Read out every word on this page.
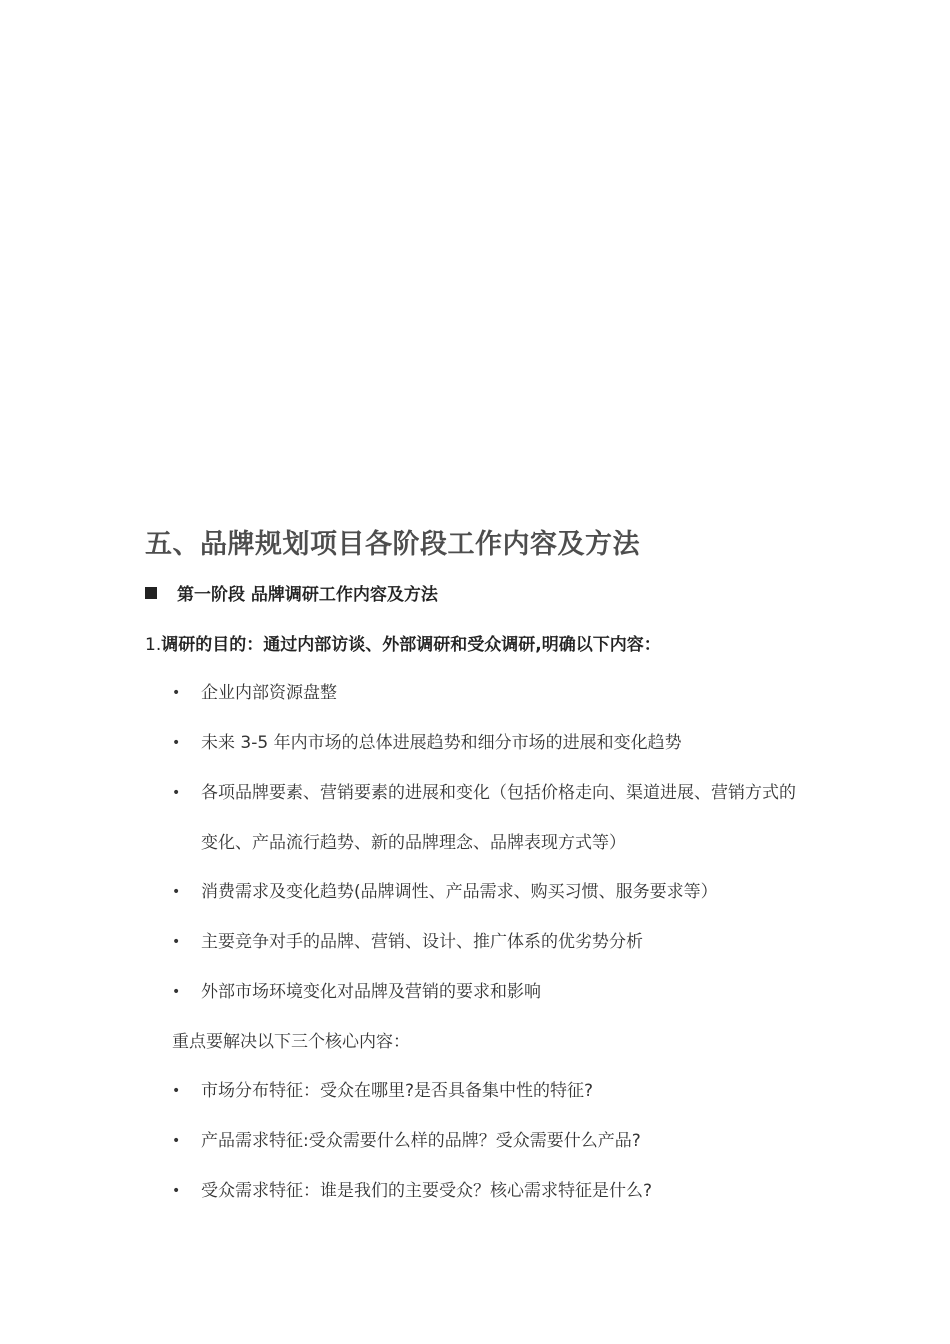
五、品牌规划项目各阶段工作内容及方法
第一阶段 品牌调研工作内容及方法
1.调研的目的：通过内部访谈、外部调研和受众调研,明确以下内容：
• 企业内部资源盘整
• 未来 3-5 年内市场的总体进展趋势和细分市场的进展和变化趋势
• 各项品牌要素、营销要素的进展和变化（包括价格走向、渠道进展、营销方式的变化、产品流行趋势、新的品牌理念、品牌表现方式等）
• 消费需求及变化趋势(品牌调性、产品需求、购买习惯、服务要求等）
• 主要竞争对手的品牌、营销、设计、推广体系的优劣势分析
• 外部市场环境变化对品牌及营销的要求和影响
重点要解决以下三个核心内容：
• 市场分布特征：受众在哪里?是否具备集中性的特征?
• 产品需求特征:受众需要什么样的品牌？受众需要什么产品?
• 受众需求特征：谁是我们的主要受众？核心需求特征是什么?
